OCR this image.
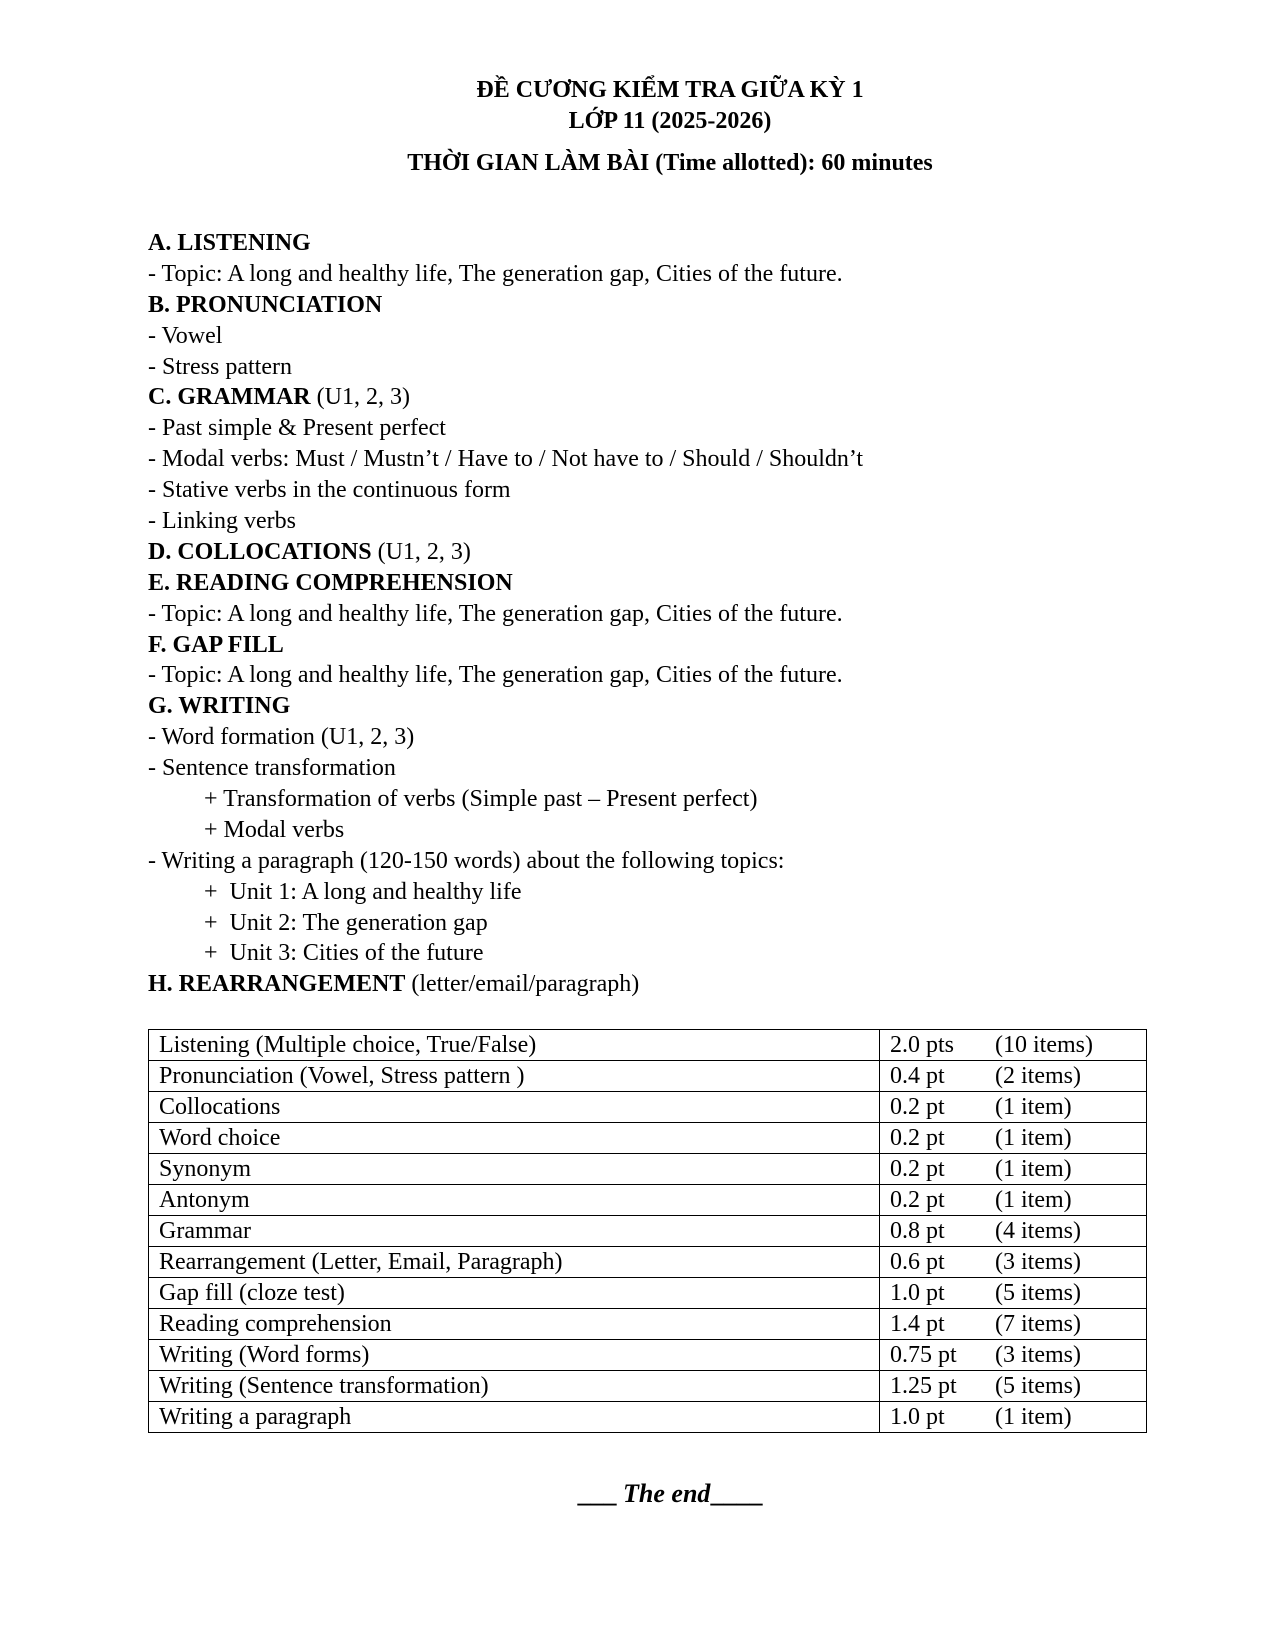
ĐỀ CƯƠNG KIỂM TRA GIỮA KỲ 1
LỚP 11 (2025-2026)
THỜI GIAN LÀM BÀI (Time allotted): 60 minutes
A. LISTENING
- Topic: A long and healthy life, The generation gap, Cities of the future.
B. PRONUNCIATION
- Vowel
- Stress pattern
C. GRAMMAR (U1, 2, 3)
- Past simple & Present perfect
- Modal verbs: Must / Mustn’t / Have to / Not have to / Should / Shouldn’t
- Stative verbs in the continuous form
- Linking verbs
D. COLLOCATIONS (U1, 2, 3)
E. READING COMPREHENSION
- Topic: A long and healthy life, The generation gap, Cities of the future.
F. GAP FILL
- Topic: A long and healthy life, The generation gap, Cities of the future.
G. WRITING
- Word formation (U1, 2, 3)
- Sentence transformation
+ Transformation of verbs (Simple past – Present perfect)
+ Modal verbs
- Writing a paragraph (120-150 words) about the following topics:
+  Unit 1: A long and healthy life
+  Unit 2: The generation gap
+  Unit 3: Cities of the future
H. REARRANGEMENT (letter/email/paragraph)
Listening (Multiple choice, True/False)	2.0 pts (10 items)
Pronunciation (Vowel, Stress pattern )	0.4 pt (2 items)
Collocations	0.2 pt (1 item)
Word choice	0.2 pt (1 item)
Synonym	0.2 pt (1 item)
Antonym	0.2 pt (1 item)
Grammar	0.8 pt (4 items)
Rearrangement (Letter, Email, Paragraph)	0.6 pt (3 items)
Gap fill (cloze test)	1.0 pt (5 items)
Reading comprehension	1.4 pt (7 items)
Writing (Word forms)	0.75 pt (3 items)
Writing (Sentence transformation)	1.25 pt (5 items)
Writing a paragraph	1.0 pt (1 item)
___ The end____
